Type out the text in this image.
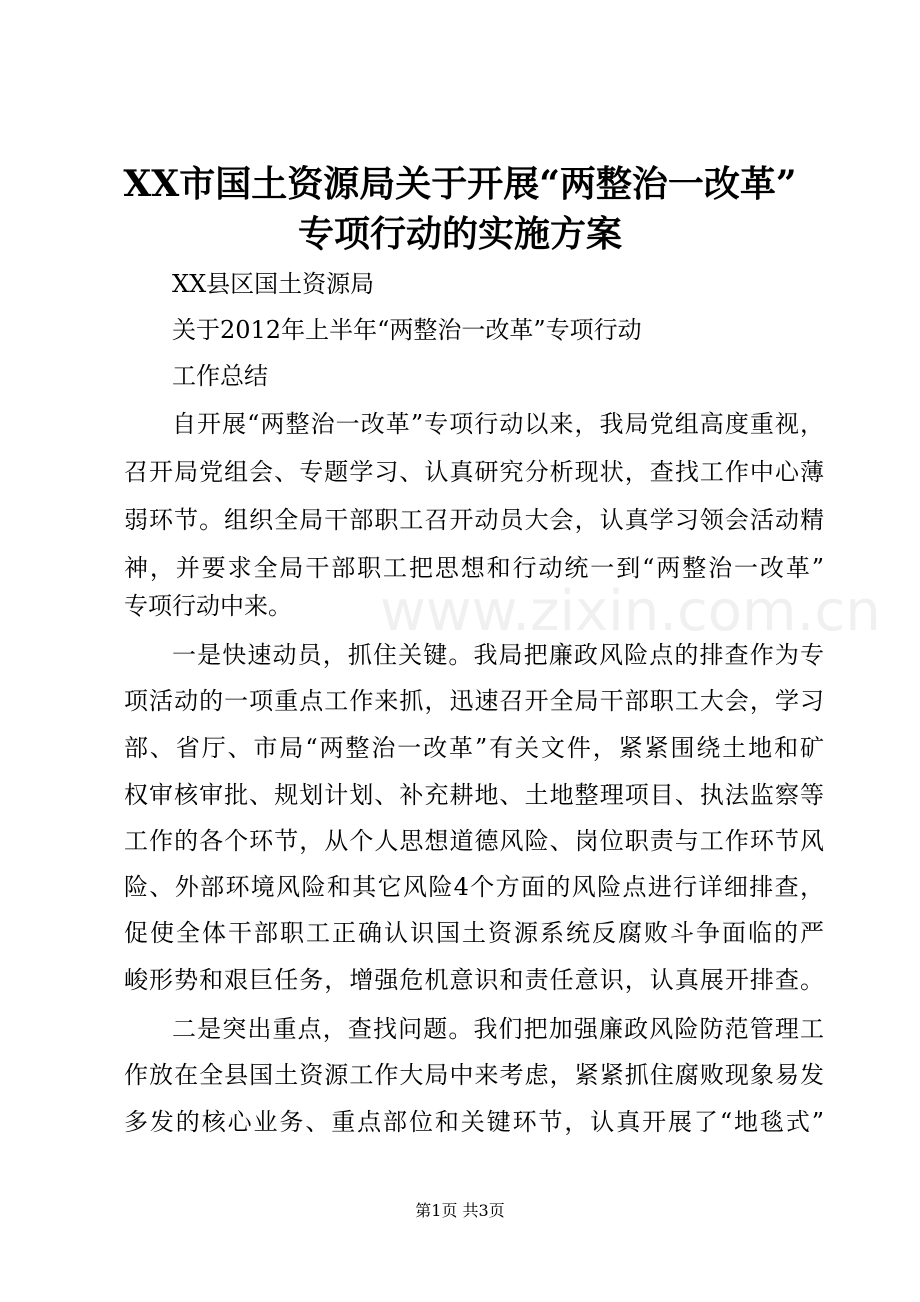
www.zixin.com.cn
XX市国土资源局关于开展“两整治一改革”
专项行动的实施方案
XX县区国土资源局
关于2012年上半年“两整治一改革”专项行动
工作总结
自开展“两整治一改革”专项行动以来，我局党组高度重视，
召开局党组会、专题学习、认真研究分析现状，查找工作中心薄
弱环节。组织全局干部职工召开动员大会，认真学习领会活动精
神，并要求全局干部职工把思想和行动统一到“两整治一改革”
专项行动中来。
一是快速动员，抓住关键。我局把廉政风险点的排查作为专
项活动的一项重点工作来抓，迅速召开全局干部职工大会，学习
部、省厅、市局“两整治一改革”有关文件，紧紧围绕土地和矿
权审核审批、规划计划、补充耕地、土地整理项目、执法监察等
工作的各个环节，从个人思想道德风险、岗位职责与工作环节风
险、外部环境风险和其它风险4个方面的风险点进行详细排查，
促使全体干部职工正确认识国土资源系统反腐败斗争面临的严
峻形势和艰巨任务，增强危机意识和责任意识，认真展开排查。
二是突出重点，查找问题。我们把加强廉政风险防范管理工
作放在全县国土资源工作大局中来考虑，紧紧抓住腐败现象易发
多发的核心业务、重点部位和关键环节，认真开展了“地毯式”
第1页 共3页
